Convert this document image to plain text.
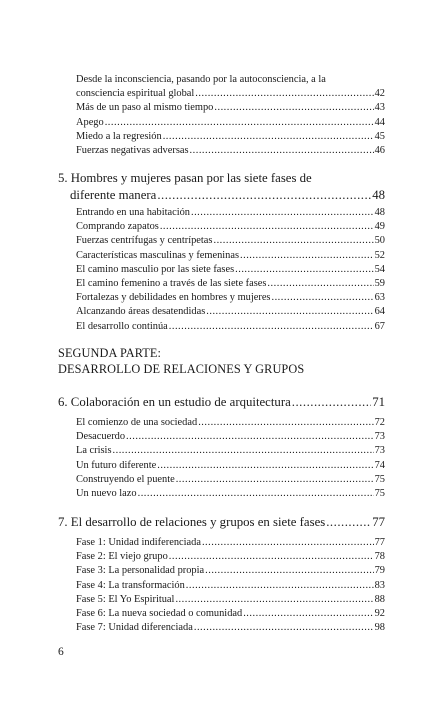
Desde la inconsciencia, pasando por la autoconsciencia, a la
consciencia espiritual global .....	42
Más de un paso al mismo tiempo .....	43
Apego .....	44
Miedo a la regresión .....	45
Fuerzas negativas adversas .....	46
5. Hombres y mujeres pasan por las siete fases de
diferente manera .....	48
Entrando en una habitación .....	48
Comprando zapatos .....	49
Fuerzas centrífugas y centrípetas .....	50
Características masculinas y femeninas .....	52
El camino masculio por las siete fases .....	54
El camino femenino a través de las siete fases .....	59
Fortalezas y debilidades en hombres y mujeres .....	63
Alcanzando áreas desatendidas .....	64
El desarrollo continúa .....	67
SEGUNDA PARTE:
DESARROLLO DE RELACIONES Y GRUPOS
6. Colaboración en un estudio de arquitectura .....	71
El comienzo de una sociedad .....	72
Desacuerdo .....	73
La crisis .....	73
Un futuro diferente .....	74
Construyendo el puente .....	75
Un nuevo lazo .....	75
7. El desarrollo de relaciones y grupos en siete fases .....	77
Fase 1: Unidad indiferenciada .....	77
Fase 2: El viejo grupo .....	78
Fase 3: La personalidad propia .....	79
Fase 4: La transformación .....	83
Fase 5: El Yo Espiritual .....	88
Fase 6: La nueva sociedad o comunidad .....	92
Fase 7: Unidad diferenciada .....	98
6
